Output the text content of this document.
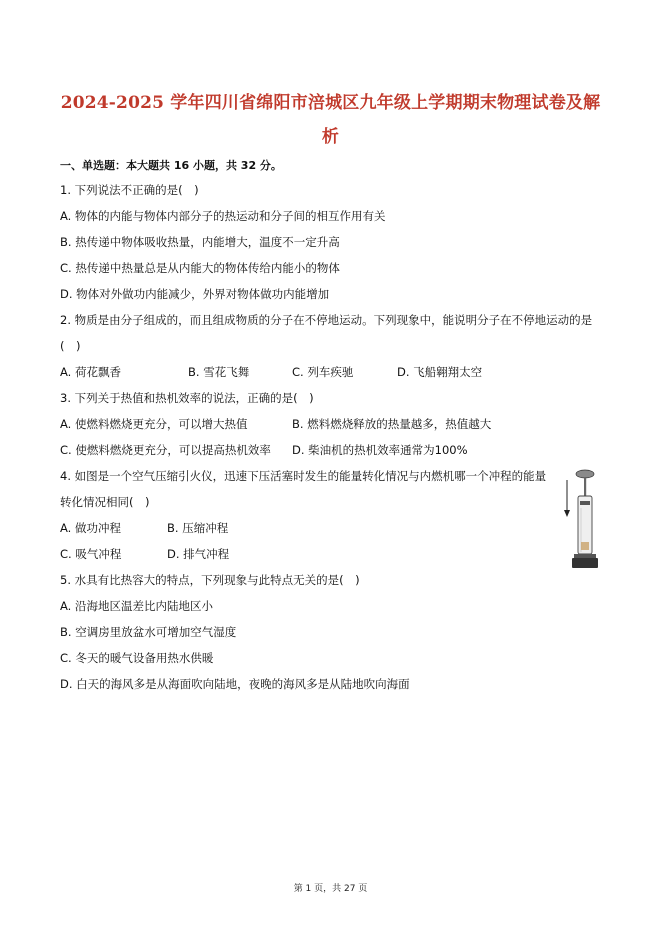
2024-2025 学年四川省绵阳市涪城区九年级上学期期末物理试卷及解
析
一、单选题：本大题共 16 小题，共 32 分。
1. 下列说法不正确的是(　)
A. 物体的内能与物体内部分子的热运动和分子间的相互作用有关
B. 热传递中物体吸收热量，内能增大，温度不一定升高
C. 热传递中热量总是从内能大的物体传给内能小的物体
D. 物体对外做功内能减少，外界对物体做功内能增加
2. 物质是由分子组成的，而且组成物质的分子在不停地运动。下列现象中，能说明分子在不停地运动的是
(　)
A. 荷花飘香	B. 雪花飞舞	C. 列车疾驰	D. 飞船翱翔太空
3. 下列关于热值和热机效率的说法，正确的是(　)
A. 使燃料燃烧更充分，可以增大热值	B. 燃料燃烧释放的热量越多，热值越大
C. 使燃料燃烧更充分，可以提高热机效率 D. 柴油机的热机效率通常为100%
4. 如图是一个空气压缩引火仪，迅速下压活塞时发生的能量转化情况与内燃机哪一个冲程的能量
转化情况相同(　)
A. 做功冲程	B. 压缩冲程
C. 吸气冲程	D. 排气冲程
5. 水具有比热容大的特点，下列现象与此特点无关的是(　)
A. 沿海地区温差比内陆地区小
B. 空调房里放盆水可增加空气湿度
C. 冬天的暖气设备用热水供暖
D. 白天的海风多是从海面吹向陆地，夜晚的海风多是从陆地吹向海面
第 1 页，共 27 页
